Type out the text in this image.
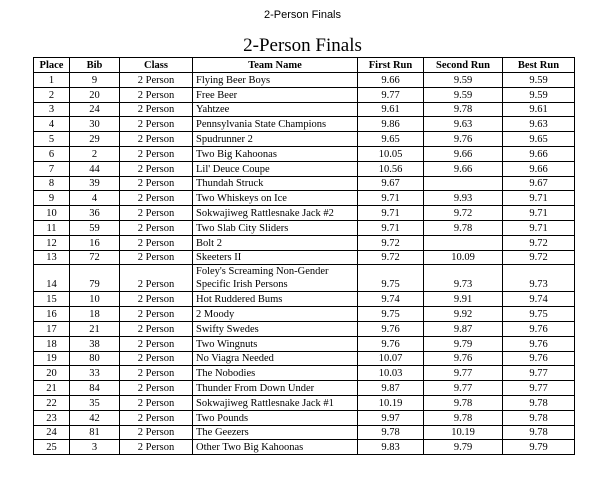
2-Person Finals
2-Person Finals
Place	Bib	Class	Team Name	First Run	Second Run	Best Run
1	9	2 Person	Flying Beer Boys	9.66	9.59	9.59
2	20	2 Person	Free Beer	9.77	9.59	9.59
3	24	2 Person	Yahtzee	9.61	9.78	9.61
4	30	2 Person	Pennsylvania State Champions	9.86	9.63	9.63
5	29	2 Person	Spudrunner 2	9.65	9.76	9.65
6	2	2 Person	Two Big Kahoonas	10.05	9.66	9.66
7	44	2 Person	Lil' Deuce Coupe	10.56	9.66	9.66
8	39	2 Person	Thundah Struck	9.67		9.67
9	4	2 Person	Two Whiskeys on Ice	9.71	9.93	9.71
10	36	2 Person	Sokwajiweg Rattlesnake Jack #2	9.71	9.72	9.71
11	59	2 Person	Two Slab City Sliders	9.71	9.78	9.71
12	16	2 Person	Bolt 2	9.72		9.72
13	72	2 Person	Skeeters II	9.72	10.09	9.72
14	79	2 Person	Foley's Screaming Non-Gender Specific Irish Persons	9.75	9.73	9.73
15	10	2 Person	Hot Ruddered Bums	9.74	9.91	9.74
16	18	2 Person	2 Moody	9.75	9.92	9.75
17	21	2 Person	Swifty Swedes	9.76	9.87	9.76
18	38	2 Person	Two Wingnuts	9.76	9.79	9.76
19	80	2 Person	No Viagra Needed	10.07	9.76	9.76
20	33	2 Person	The Nobodies	10.03	9.77	9.77
21	84	2 Person	Thunder From Down Under	9.87	9.77	9.77
22	35	2 Person	Sokwajiweg Rattlesnake Jack #1	10.19	9.78	9.78
23	42	2 Person	Two Pounds	9.97	9.78	9.78
24	81	2 Person	The Geezers	9.78	10.19	9.78
25	3	2 Person	Other Two Big Kahoonas	9.83	9.79	9.79
